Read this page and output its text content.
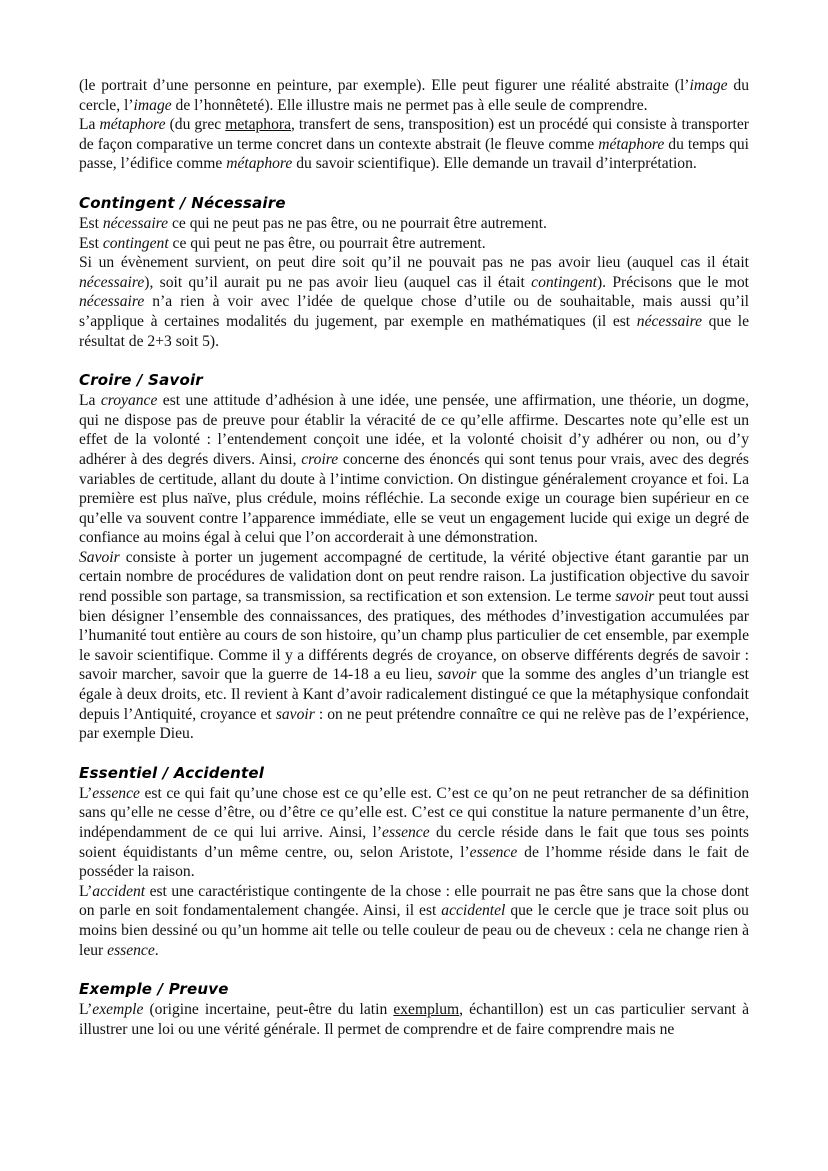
(le portrait d’une personne en peinture, par exemple). Elle peut figurer une réalité abstraite (l’image du cercle, l’image de l’honnêteté). Elle illustre mais ne permet pas à elle seule de comprendre.

La métaphore (du grec metaphora, transfert de sens, transposition) est un procédé qui consiste à transporter de façon comparative un terme concret dans un contexte abstrait (le fleuve comme métaphore du temps qui passe, l’édifice comme métaphore du savoir scientifique). Elle demande un travail d’interprétation.

Contingent / Nécessaire

Est nécessaire ce qui ne peut pas ne pas être, ou ne pourrait être autrement.

Est contingent ce qui peut ne pas être, ou pourrait être autrement.

Si un évènement survient, on peut dire soit qu’il ne pouvait pas ne pas avoir lieu (auquel cas il était nécessaire), soit qu’il aurait pu ne pas avoir lieu (auquel cas il était contingent). Précisons que le mot nécessaire n’a rien à voir avec l’idée de quelque chose d’utile ou de souhaitable, mais aussi qu’il s’applique à certaines modalités du jugement, par exemple en mathématiques (il est nécessaire que le résultat de 2+3 soit 5).

Croire / Savoir

La croyance est une attitude d’adhésion à une idée, une pensée, une affirmation, une théorie, un dogme, qui ne dispose pas de preuve pour établir la véracité de ce qu’elle affirme. Descartes note qu’elle est un effet de la volonté : l’entendement conçoit une idée, et la volonté choisit d’y adhérer ou non, ou d’y adhérer à des degrés divers. Ainsi, croire concerne des énoncés qui sont tenus pour vrais, avec des degrés variables de certitude, allant du doute à l’intime conviction. On distingue généralement croyance et foi. La première est plus naïve, plus crédule, moins réfléchie. La seconde exige un courage bien supérieur en ce qu’elle va souvent contre l’apparence immédiate, elle se veut un engagement lucide qui exige un degré de confiance au moins égal à celui que l’on accorderait à une démonstration.

Savoir consiste à porter un jugement accompagné de certitude, la vérité objective étant garantie par un certain nombre de procédures de validation dont on peut rendre raison. La justification objective du savoir rend possible son partage, sa transmission, sa rectification et son extension. Le terme savoir peut tout aussi bien désigner l’ensemble des connaissances, des pratiques, des méthodes d’investigation accumulées par l’humanité tout entière au cours de son histoire, qu’un champ plus particulier de cet ensemble, par exemple le savoir scientifique. Comme il y a différents degrés de croyance, on observe différents degrés de savoir : savoir marcher, savoir que la guerre de 14-18 a eu lieu, savoir que la somme des angles d’un triangle est égale à deux droits, etc. Il revient à Kant d’avoir radicalement distingué ce que la métaphysique confondait depuis l’Antiquité, croyance et savoir : on ne peut prétendre connaître ce qui ne relève pas de l’expérience, par exemple Dieu.

Essentiel / Accidentel

L’essence est ce qui fait qu’une chose est ce qu’elle est. C’est ce qu’on ne peut retrancher de sa définition sans qu’elle ne cesse d’être, ou d’être ce qu’elle est. C’est ce qui constitue la nature permanente d’un être, indépendamment de ce qui lui arrive. Ainsi, l’essence du cercle réside dans le fait que tous ses points soient équidistants d’un même centre, ou, selon Aristote, l’essence de l’homme réside dans le fait de posséder la raison.

L’accident est une caractéristique contingente de la chose : elle pourrait ne pas être sans que la chose dont on parle en soit fondamentalement changée. Ainsi, il est accidentel que le cercle que je trace soit plus ou moins bien dessiné ou qu’un homme ait telle ou telle couleur de peau ou de cheveux : cela ne change rien à leur essence.

Exemple / Preuve

L’exemple (origine incertaine, peut-être du latin exemplum, échantillon) est un cas particulier servant à illustrer une loi ou une vérité générale. Il permet de comprendre et de faire comprendre mais ne
